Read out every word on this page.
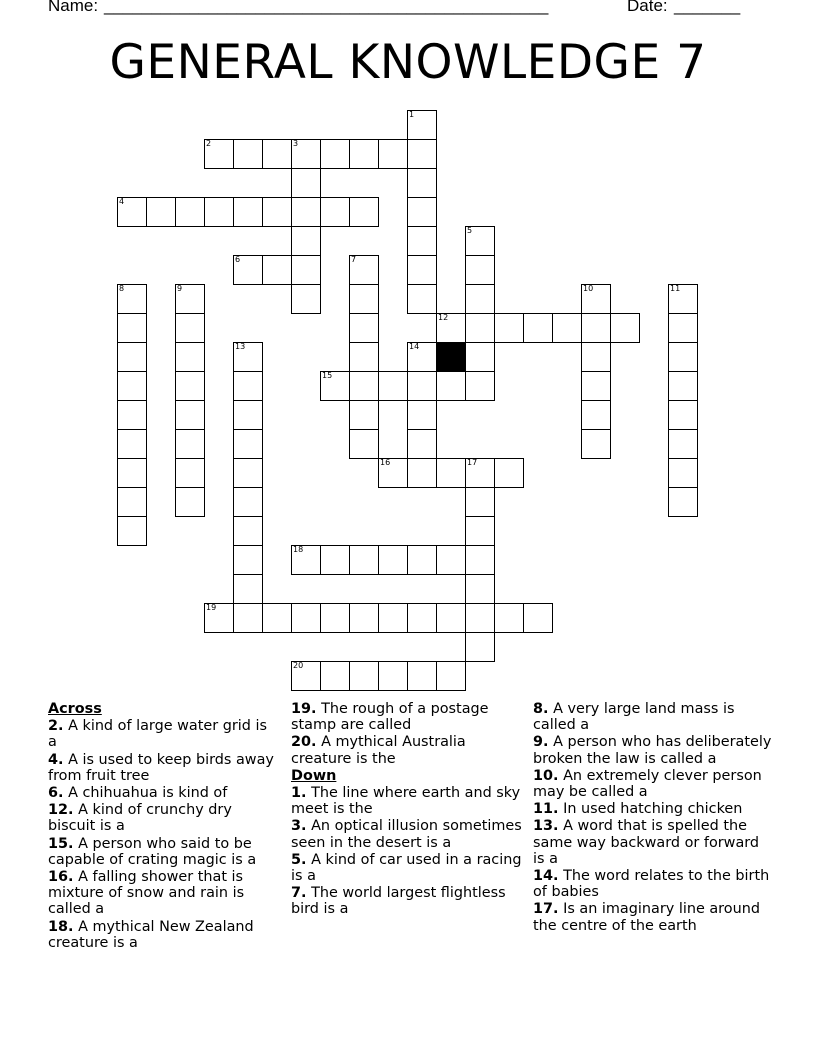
Name: _______________________________________________	Date: _______
GENERAL KNOWLEDGE 7
1
2	3
4
5
6	7
8	9	10	11
12
13	14
15
16	17
18
19
20
Across
2. A kind of large water grid is a
4. A is used to keep birds away from fruit tree
6. A chihuahua is kind of
12. A kind of crunchy dry biscuit is a
15. A person who said to be capable of crating magic is a
16. A falling shower that is mixture of snow and rain is called a
18. A mythical New Zealand creature is a
19. The rough of a postage stamp are called
20. A mythical Australia creature is the
Down
1. The line where earth and sky meet is the
3. An optical illusion sometimes seen in the desert is a
5. A kind of car used in a racing is a
7. The world largest flightless bird is a
8. A very large land mass is called a
9. A person who has deliberately broken the law is called a
10. An extremely clever person may be called a
11. In used hatching chicken
13. A word that is spelled the same way backward or forward is a
14. The word relates to the birth of babies
17. Is an imaginary line around the centre of the earth
